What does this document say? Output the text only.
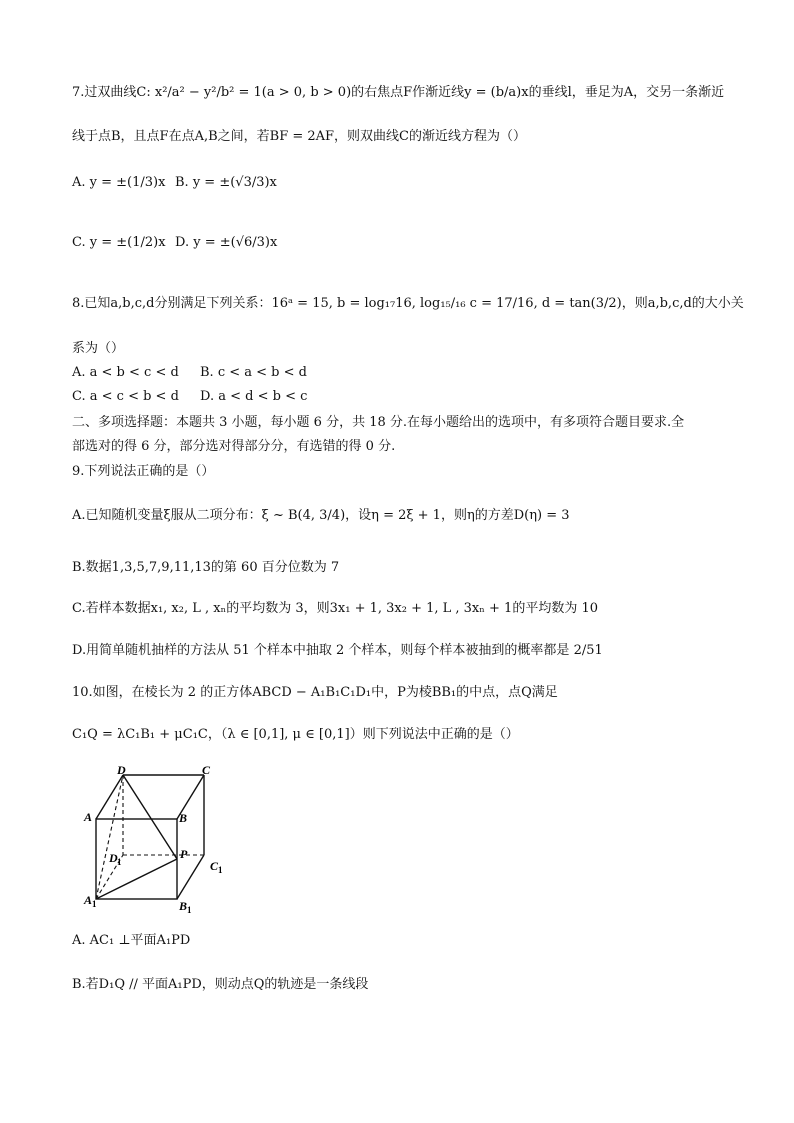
7.过双曲线C: x²/a² − y²/b² = 1(a > 0, b > 0)的右焦点F作渐近线y = (b/a)x的垂线l，垂足为A，交另一条渐近
线于点B，且点F在点A,B之间，若BF = 2AF，则双曲线C的渐近线方程为（）
A. y = ±(1/3)x B. y = ±(√3/3)x
C. y = ±(1/2)x D. y = ±(√6/3)x
8.已知a,b,c,d分别满足下列关系：16ᵃ = 15, b = log₁₇16, log₁₅/₁₆ c = 17/16, d = tan(3/2)，则a,b,c,d的大小关
系为（）
A. a < b < c < d B. c < a < b < d
C. a < c < b < d D. a < d < b < c
二、多项选择题：本题共 3 小题，每小题 6 分，共 18 分.在每小题给出的选项中，有多项符合题目要求.全
部选对的得 6 分，部分选对得部分分，有选错的得 0 分.
9.下列说法正确的是（）
A.已知随机变量ξ服从二项分布：ξ ~ B(4, 3/4)，设η = 2ξ + 1，则η的方差D(η) = 3
B.数据1,3,5,7,9,11,13的第 60 百分位数为 7
C.若样本数据x₁, x₂, L , xₙ的平均数为 3，则3x₁ + 1, 3x₂ + 1, L , 3xₙ + 1的平均数为 10
D.用简单随机抽样的方法从 51 个样本中抽取 2 个样本，则每个样本被抽到的概率都是 2/51
10.如图，在棱长为 2 的正方体ABCD − A₁B₁C₁D₁中，P为棱BB₁的中点，点Q满足
C₁Q = λC₁B₁ + μC₁C，（λ ∈ [0,1], μ ∈ [0,1]）则下列说法中正确的是（）
D	C
A	B
D 1
P
C 1
A 1	B 1
A. AC₁ ⊥平面A₁PD
B.若D₁Q // 平面A₁PD，则动点Q的轨迹是一条线段
